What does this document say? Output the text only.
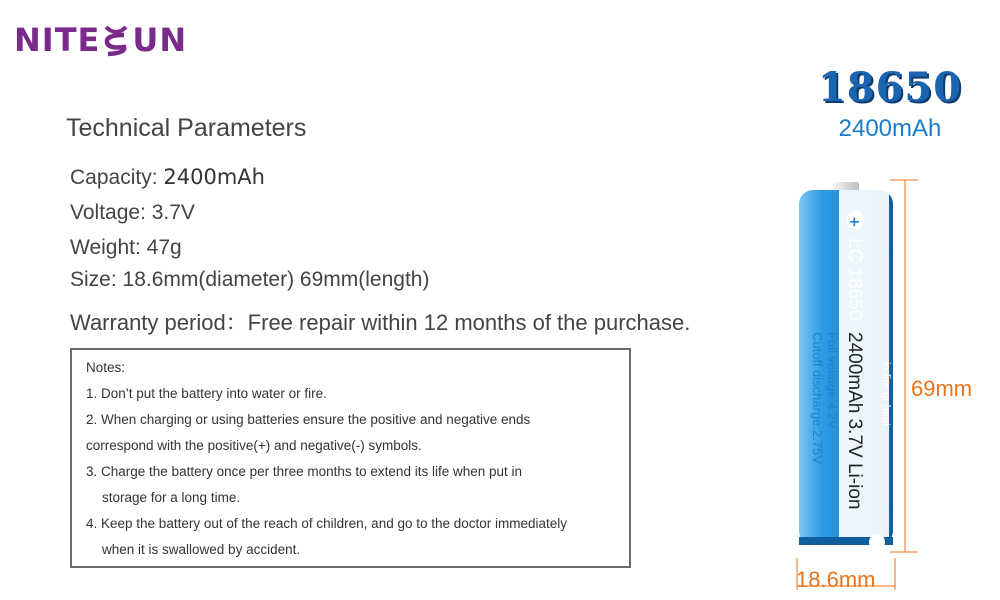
NITE UN
Technical Parameters
Capacity: 2400mAh
Voltage: 3.7V
Weight: 47g
Size: 18.6mm(diameter) 69mm(length)
Warranty period：Free repair within 12 months of the purchase.
Notes:
1. Don’t put the battery into water or fire.
2. When charging or using batteries ensure the positive and negative ends
correspond with the positive(+) and negative(-) symbols.
3. Charge the battery once per three months to extend its life when put in
storage for a long time.
4. Keep the battery out of the reach of children, and go to the doctor immediately
when it is swallowed by accident.
18650
2400mAh
+
LC 18650
2400mAh 3.7V Li-ion
Full voltage:4.2V
Cutoff discharge:2.75V	in fire or heat 69mm
18.6mm
